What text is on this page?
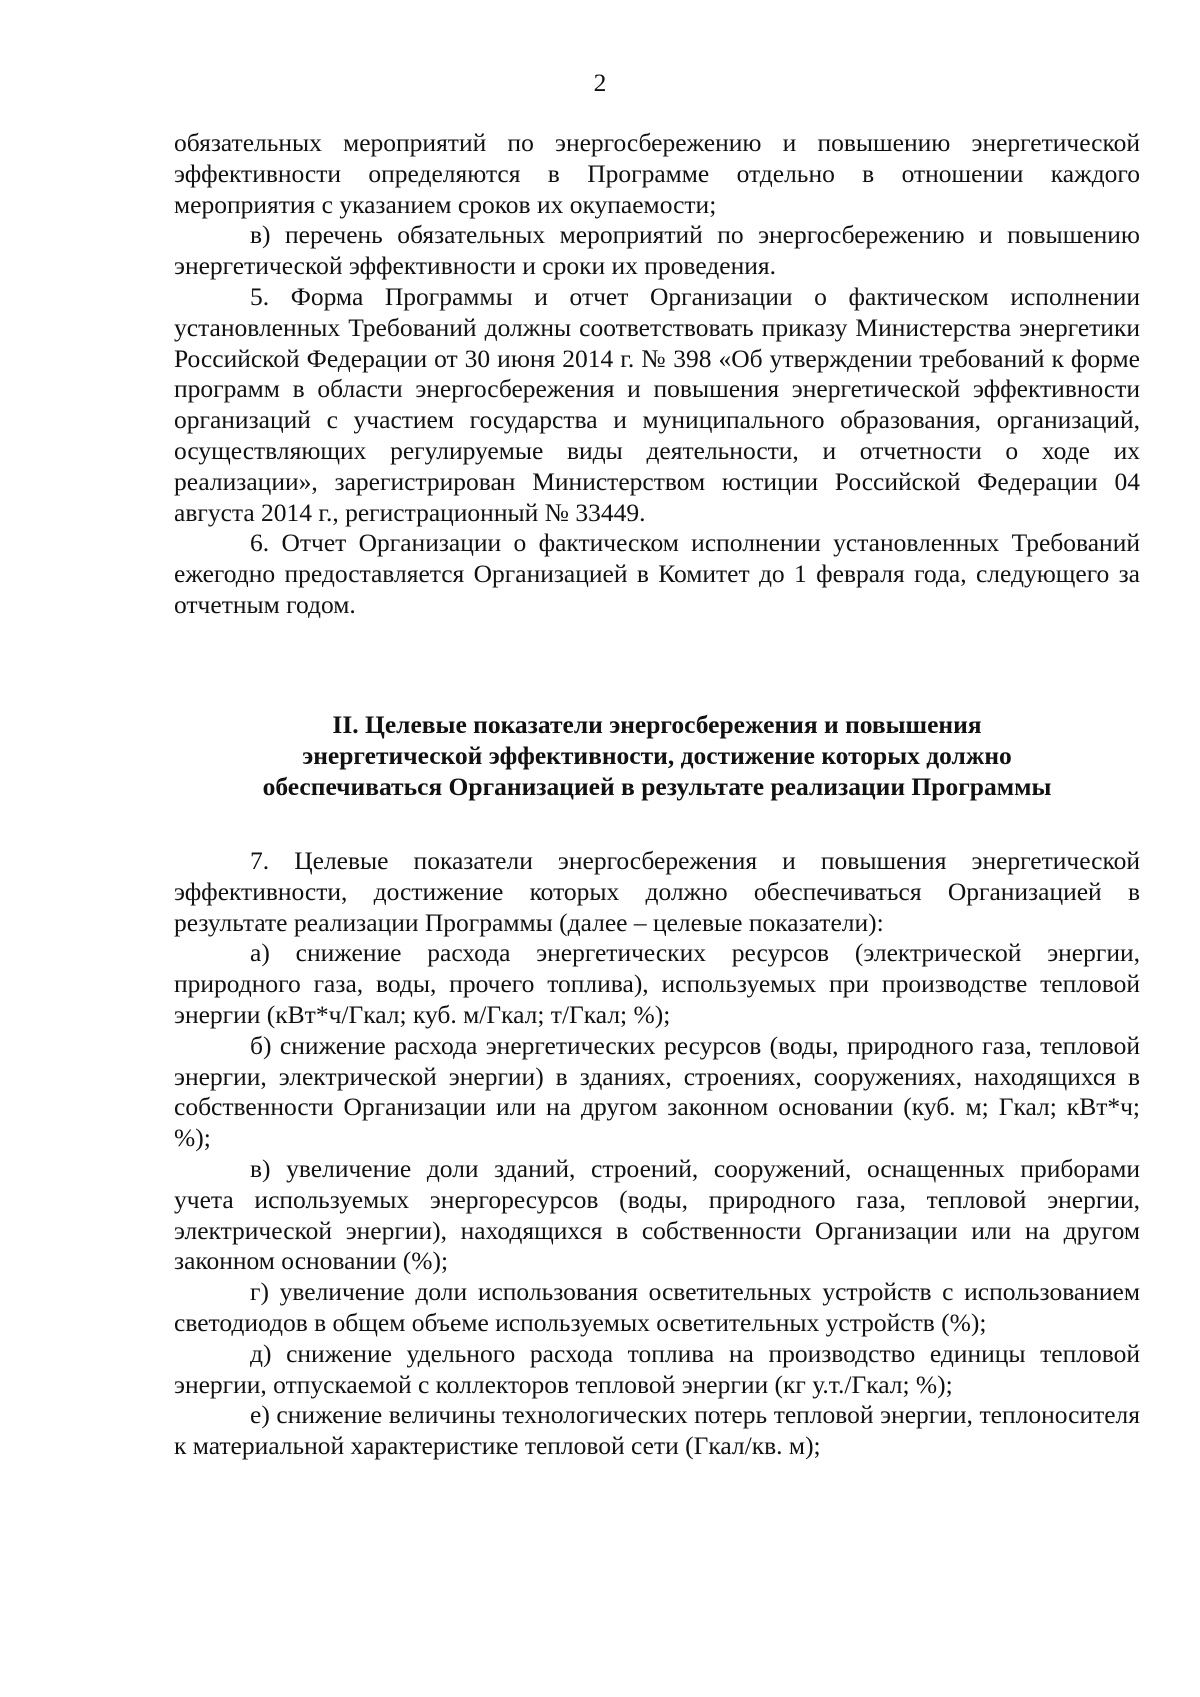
2

обязательных мероприятий по энергосбережению и повышению энергетической эффективности определяются в Программе отдельно в отношении каждого мероприятия с указанием сроков их окупаемости;

в) перечень обязательных мероприятий по энергосбережению и повышению энергетической эффективности и сроки их проведения.

5. Форма Программы и отчет Организации о фактическом исполнении установленных Требований должны соответствовать приказу Министерства энергетики Российской Федерации от 30 июня 2014 г. № 398 «Об утверждении требований к форме программ в области энергосбережения и повышения энергетической эффективности организаций с участием государства и муниципального образования, организаций, осуществляющих регулируемые виды деятельности, и отчетности о ходе их реализации», зарегистрирован Министерством юстиции Российской Федерации 04 августа 2014 г., регистрационный № 33449.

6. Отчет Организации о фактическом исполнении установленных Требований ежегодно предоставляется Организацией в Комитет до 1 февраля года, следующего за отчетным годом.

II. Целевые показатели энергосбережения и повышения
энергетической эффективности, достижение которых должно
обеспечиваться Организацией в результате реализации Программы

7. Целевые показатели энергосбережения и повышения энергетической эффективности, достижение которых должно обеспечиваться Организацией в результате реализации Программы (далее – целевые показатели):

а) снижение расхода энергетических ресурсов (электрической энергии, природного газа, воды, прочего топлива), используемых при производстве тепловой энергии (кВт*ч/Гкал; куб. м/Гкал; т/Гкал; %);

б) снижение расхода энергетических ресурсов (воды, природного газа, тепловой энергии, электрической энергии) в зданиях, строениях, сооружениях, находящихся в собственности Организации или на другом законном основании (куб. м; Гкал; кВт*ч; %);

в) увеличение доли зданий, строений, сооружений, оснащенных приборами учета используемых энергоресурсов (воды, природного газа, тепловой энергии, электрической энергии), находящихся в собственности Организации или на другом законном основании (%);

г) увеличение доли использования осветительных устройств с использованием светодиодов в общем объеме используемых осветительных устройств (%);

д) снижение удельного расхода топлива на производство единицы тепловой энергии, отпускаемой с коллекторов тепловой энергии (кг у.т./Гкал; %);

е) снижение величины технологических потерь тепловой энергии, теплоносителя к материальной характеристике тепловой сети (Гкал/кв. м);
